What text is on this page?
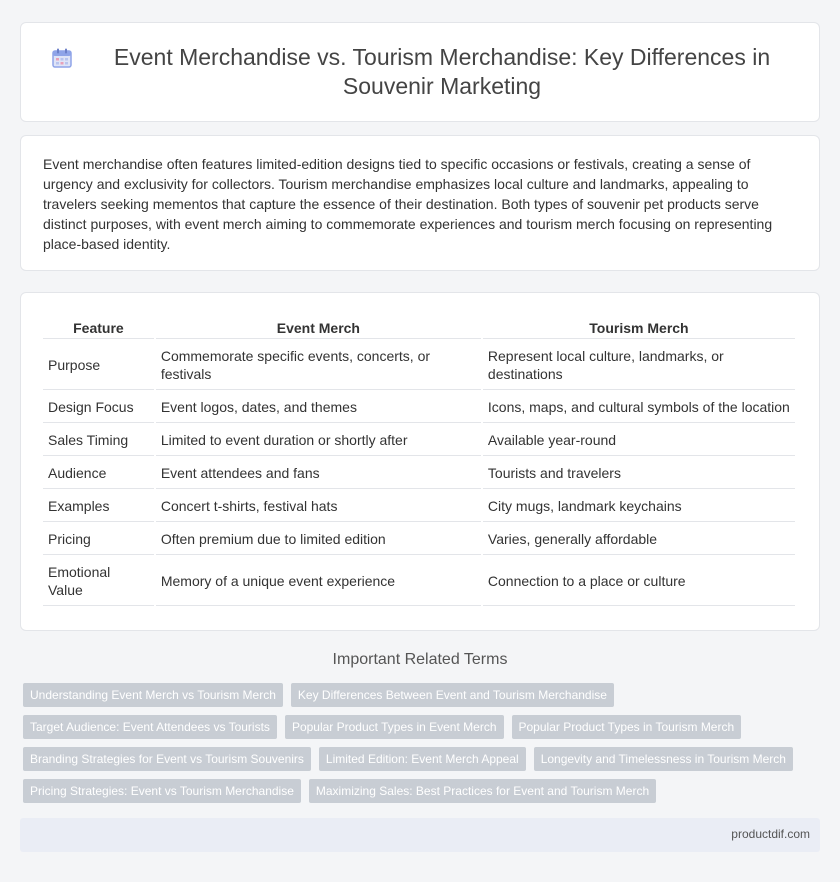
Event Merchandise vs. Tourism Merchandise: Key Differences in Souvenir Marketing

Event merchandise often features limited-edition designs tied to specific occasions or festivals, creating a sense of urgency and exclusivity for collectors. Tourism merchandise emphasizes local culture and landmarks, appealing to travelers seeking mementos that capture the essence of their destination. Both types of souvenir pet products serve distinct purposes, with event merch aiming to commemorate experiences and tourism merch focusing on representing place-based identity.

Feature	Event Merch	Tourism Merch
Purpose	Commemorate specific events, concerts, or festivals	Represent local culture, landmarks, or destinations
Design Focus	Event logos, dates, and themes	Icons, maps, and cultural symbols of the location
Sales Timing	Limited to event duration or shortly after	Available year-round
Audience	Event attendees and fans	Tourists and travelers
Examples	Concert t-shirts, festival hats	City mugs, landmark keychains
Pricing	Often premium due to limited edition	Varies, generally affordable
Emotional Value	Memory of a unique event experience	Connection to a place or culture
Important Related Terms
Understanding Event Merch vs Tourism Merch	Key Differences Between Event and Tourism Merchandise
Target Audience: Event Attendees vs Tourists	Popular Product Types in Event Merch	Popular Product Types in Tourism Merch
Branding Strategies for Event vs Tourism Souvenirs	Limited Edition: Event Merch Appeal	Longevity and Timelessness in Tourism Merch
Pricing Strategies: Event vs Tourism Merchandise	Maximizing Sales: Best Practices for Event and Tourism Merch
productdif.com
